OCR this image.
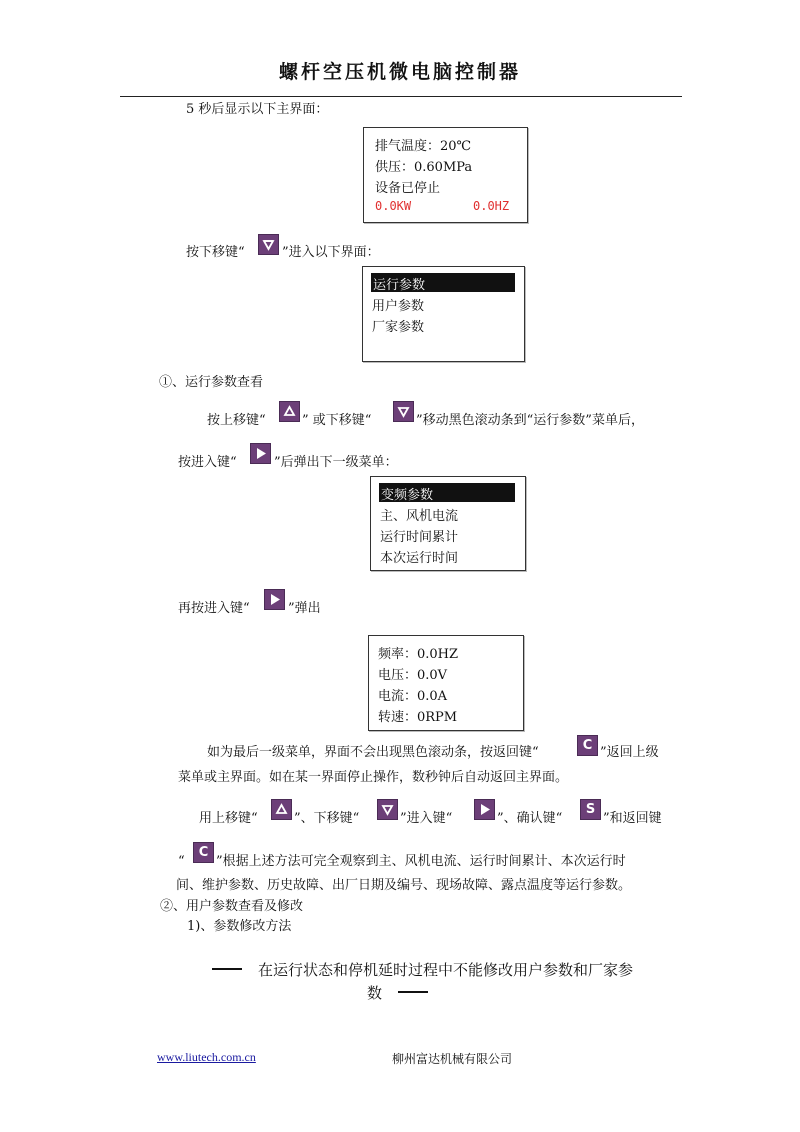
螺杆空压机微电脑控制器
5 秒后显示以下主界面：
排气温度：20℃
供压：0.60MPa
设备已停止
0.0KW	0.0HZ
按下移键“	”进入以下界面：
运行参数
用户参数
厂家参数
①、运行参数查看
按上移键“	” 或下移键“	”移动黑色滚动条到“运行参数”菜单后，
按进入键“	”后弹出下一级菜单：
变频参数
主、风机电流
运行时间累计
本次运行时间
再按进入键“	”弹出
频率：0.0HZ
电压：0.0V
电流：0.0A
转速：0RPM
如为最后一级菜单，界面不会出现黑色滚动条，按返回键“	C ”返回上级
菜单或主界面。如在某一界面停止操作，数秒钟后自动返回主界面。
用上移键“	”、下移键“	”进入键“	”、确认键“
S
”和返回键
“
C
”根据上述方法可完全观察到主、风机电流、运行时间累计、本次运行时
间、维护参数、历史故障、出厂日期及编号、现场故障、露点温度等运行参数。
②、用户参数查看及修改
1)、参数修改方法
在运行状态和停机延时过程中不能修改用户参数和厂家参
数
www.liutech.com.cn	柳州富达机械有限公司
